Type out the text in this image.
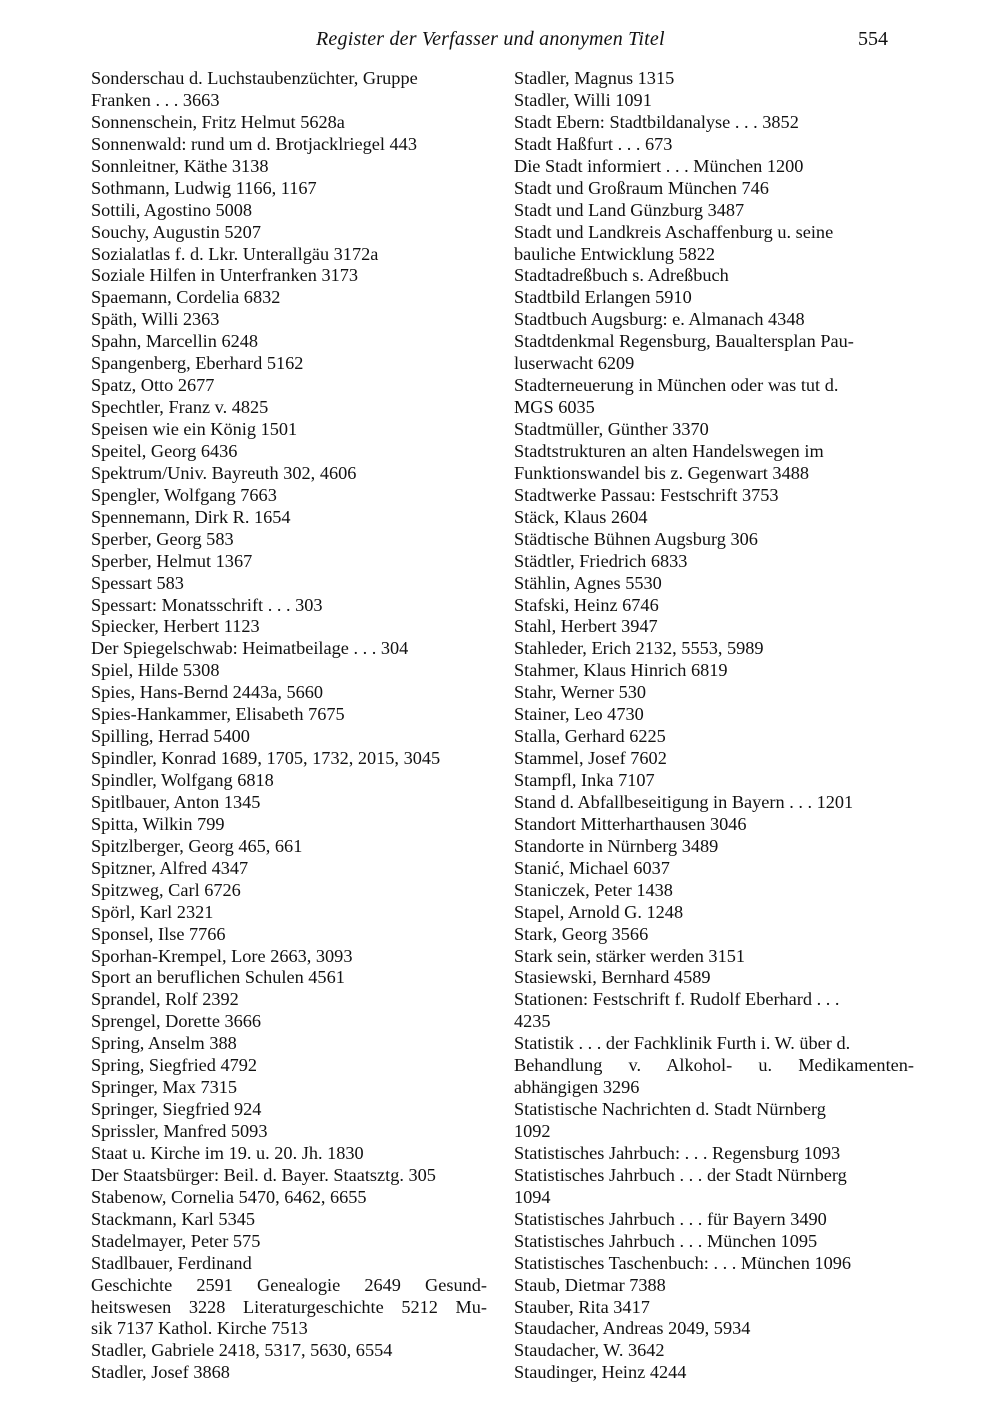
Register der Verfasser und anonymen Titel	554

Sonderschau d. Luchstaubenzüchter, Gruppe
Franken . . . 3663

Sonnenschein, Fritz Helmut 5628a

Sonnenwald: rund um d. Brotjacklriegel 443

Sonnleitner, Käthe 3138

Sothmann, Ludwig 1166, 1167

Sottili, Agostino 5008

Souchy, Augustin 5207

Sozialatlas f. d. Lkr. Unterallgäu 3172a

Soziale Hilfen in Unterfranken 3173

Spaemann, Cordelia 6832

Späth, Willi 2363

Spahn, Marcellin 6248

Spangenberg, Eberhard 5162

Spatz, Otto 2677

Spechtler, Franz v. 4825

Speisen wie ein König 1501

Speitel, Georg 6436

Spektrum/Univ. Bayreuth 302, 4606

Spengler, Wolfgang 7663

Spennemann, Dirk R. 1654

Sperber, Georg 583

Sperber, Helmut 1367

Spessart 583

Spessart: Monatsschrift . . . 303

Spiecker, Herbert 1123

Der Spiegelschwab: Heimatbeilage . . . 304

Spiel, Hilde 5308

Spies, Hans-Bernd 2443a, 5660

Spies-Hankammer, Elisabeth 7675

Spilling, Herrad 5400

Spindler, Konrad 1689, 1705, 1732, 2015, 3045

Spindler, Wolfgang 6818

Spitlbauer, Anton 1345

Spitta, Wilkin 799

Spitzlberger, Georg 465, 661

Spitzner, Alfred 4347

Spitzweg, Carl 6726

Spörl, Karl 2321

Sponsel, Ilse 7766

Sporhan-Krempel, Lore 2663, 3093

Sport an beruflichen Schulen 4561

Sprandel, Rolf 2392

Sprengel, Dorette 3666

Spring, Anselm 388

Spring, Siegfried 4792

Springer, Max 7315

Springer, Siegfried 924

Sprissler, Manfred 5093

Staat u. Kirche im 19. u. 20. Jh. 1830

Der Staatsbürger: Beil. d. Bayer. Staatsztg. 305

Stabenow, Cornelia 5470, 6462, 6655

Stackmann, Karl 5345

Stadelmayer, Peter 575

Stadlbauer, Ferdinand
Geschichte 2591 Genealogie 2649 Gesund-
heitswesen 3228 Literaturgeschichte 5212 Mu-
sik 7137 Kathol. Kirche 7513

Stadler, Gabriele 2418, 5317, 5630, 6554

Stadler, Josef 3868

Stadler, Magnus 1315

Stadler, Willi 1091

Stadt Ebern: Stadtbildanalyse . . . 3852

Stadt Haßfurt . . . 673

Die Stadt informiert . . . München 1200

Stadt und Großraum München 746

Stadt und Land Günzburg 3487

Stadt und Landkreis Aschaffenburg u. seine
bauliche Entwicklung 5822

Stadtadreßbuch s. Adreßbuch

Stadtbild Erlangen 5910

Stadtbuch Augsburg: e. Almanach 4348

Stadtdenkmal Regensburg, Baualtersplan Pau-
luserwacht 6209

Stadterneuerung in München oder was tut d.
MGS 6035

Stadtmüller, Günther 3370

Stadtstrukturen an alten Handelswegen im
Funktionswandel bis z. Gegenwart 3488

Stadtwerke Passau: Festschrift 3753

Stäck, Klaus 2604

Städtische Bühnen Augsburg 306

Städtler, Friedrich 6833

Stählin, Agnes 5530

Stafski, Heinz 6746

Stahl, Herbert 3947

Stahleder, Erich 2132, 5553, 5989

Stahmer, Klaus Hinrich 6819

Stahr, Werner 530

Stainer, Leo 4730

Stalla, Gerhard 6225

Stammel, Josef 7602

Stampfl, Inka 7107

Stand d. Abfallbeseitigung in Bayern . . . 1201

Standort Mitterharthausen 3046

Standorte in Nürnberg 3489

Stanić, Michael 6037

Staniczek, Peter 1438

Stapel, Arnold G. 1248

Stark, Georg 3566

Stark sein, stärker werden 3151

Stasiewski, Bernhard 4589

Stationen: Festschrift f. Rudolf Eberhard . . .
4235

Statistik . . . der Fachklinik Furth i. W. über d.
Behandlung v. Alkohol- u. Medikamenten-
abhängigen 3296

Statistische Nachrichten d. Stadt Nürnberg
1092

Statistisches Jahrbuch: . . . Regensburg 1093

Statistisches Jahrbuch . . . der Stadt Nürnberg
1094

Statistisches Jahrbuch . . . für Bayern 3490

Statistisches Jahrbuch . . . München 1095

Statistisches Taschenbuch: . . . München 1096

Staub, Dietmar 7388

Stauber, Rita 3417

Staudacher, Andreas 2049, 5934

Staudacher, W. 3642

Staudinger, Heinz 4244
